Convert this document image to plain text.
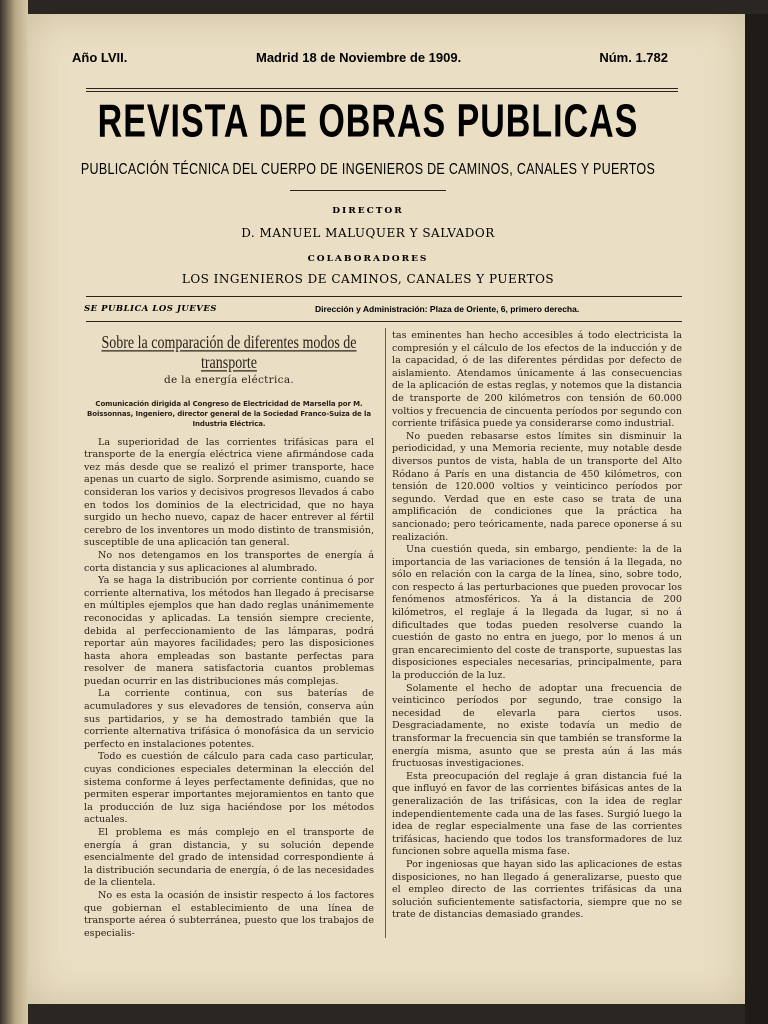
Año LVII.	Madrid 18 de Noviembre de 1909.	Núm. 1.782
REVISTA DE OBRAS PUBLICAS
PUBLICACIÓN TÉCNICA DEL CUERPO DE INGENIEROS DE CAMINOS, CANALES Y PUERTOS
DIRECTOR
D. MANUEL MALUQUER Y SALVADOR
COLABORADORES
LOS INGENIEROS DE CAMINOS, CANALES Y PUERTOS
SE PUBLICA LOS JUEVES	Dirección y Administración: Plaza de Oriente, 6, primero derecha.
Sobre la comparación de diferentes modos de transporte
de la energía eléctrica.
Comunicación dirigida al Congreso de Electricidad de Marsella por M. Boissonnas, Ingeniero, director general de la Sociedad Franco-Suiza de la Industria Eléctrica.

La superioridad de las corrientes trifásicas para el transporte de la energía eléctrica viene afirmándose cada vez más desde que se realizó el primer transporte, hace apenas un cuarto de siglo. Sorprende asimismo, cuando se consideran los varios y decisivos progresos llevados á cabo en todos los dominios de la electricidad, que no haya surgido un hecho nuevo, capaz de hacer entrever al fértil cerebro de los inventores un modo distinto de transmisión, susceptible de una aplicación tan general.

No nos detengamos en los transportes de energía á corta distancia y sus aplicaciones al alumbrado.

Ya se haga la distribución por corriente continua ó por corriente alternativa, los métodos han llegado á precisarse en múltiples ejemplos que han dado reglas unánimemente reconocidas y aplicadas. La tensión siempre creciente, debida al perfeccionamiento de las lámparas, podrá reportar aún mayores facilidades; pero las disposiciones hasta ahora empleadas son bastante perfectas para resolver de manera satisfactoria cuantos problemas puedan ocurrir en las distribuciones más complejas.

La corriente continua, con sus baterías de acumuladores y sus elevadores de tensión, conserva aún sus partidarios, y se ha demostrado también que la corriente alternativa trifásica ó monofásica da un servicio perfecto en instalaciones potentes.

Todo es cuestión de cálculo para cada caso particular, cuyas condiciones especiales determinan la elección del sistema conforme á leyes perfectamente definidas, que no permiten esperar importantes mejoramientos en tanto que la producción de luz siga haciéndose por los métodos actuales.

El problema es más complejo en el transporte de energía á gran distancia, y su solución depende esencialmente del grado de intensidad correspondiente á la distribución secundaria de energía, ó de las necesidades de la clientela.

No es esta la ocasión de insistir respecto á los factores que gobiernan el establecimiento de una línea de transporte aérea ó subterránea, puesto que los trabajos de especialis-

tas eminentes han hecho accesibles á todo electricista la compresión y el cálculo de los efectos de la inducción y de la capacidad, ó de las diferentes pérdidas por defecto de aislamiento. Atendamos únicamente á las consecuencias de la aplicación de estas reglas, y notemos que la distancia de transporte de 200 kilómetros con tensión de 60.000 voltios y frecuencia de cincuenta períodos por segundo con corriente trifásica puede ya considerarse como industrial.

No pueden rebasarse estos límites sin disminuir la periodicidad, y una Memoria reciente, muy notable desde diversos puntos de vista, habla de un transporte del Alto Ródano á París en una distancia de 450 kilómetros, con tensión de 120.000 voltios y veinticinco períodos por segundo. Verdad que en este caso se trata de una amplificación de condiciones que la práctica ha sancionado; pero teóricamente, nada parece oponerse á su realización.

Una cuestión queda, sin embargo, pendiente: la de la importancia de las variaciones de tensión á la llegada, no sólo en relación con la carga de la línea, sino, sobre todo, con respecto á las perturbaciones que pueden provocar los fenómenos atmosféricos. Ya á la distancia de 200 kilómetros, el reglaje á la llegada da lugar, si no á dificultades que todas pueden resolverse cuando la cuestión de gasto no entra en juego, por lo menos á un gran encarecimiento del coste de transporte, supuestas las disposiciones especiales necesarias, principalmente, para la producción de la luz.

Solamente el hecho de adoptar una frecuencia de veinticinco períodos por segundo, trae consigo la necesidad de elevarla para ciertos usos. Desgraciadamente, no existe todavía un medio de transformar la frecuencia sin que también se transforme la energía misma, asunto que se presta aún á las más fructuosas investigaciones.

Esta preocupación del reglaje á gran distancia fué la que influyó en favor de las corrientes bifásicas antes de la generalización de las trifásicas, con la idea de reglar independientemente cada una de las fases. Surgió luego la idea de reglar especialmente una fase de las corrientes trifásicas, haciendo que todos los transformadores de luz funcionen sobre aquella misma fase.

Por ingeniosas que hayan sido las aplicaciones de estas disposiciones, no han llegado á generalizarse, puesto que el empleo directo de las corrientes trifásicas da una solución suficientemente satisfactoria, siempre que no se trate de distancias demasiado grandes.
